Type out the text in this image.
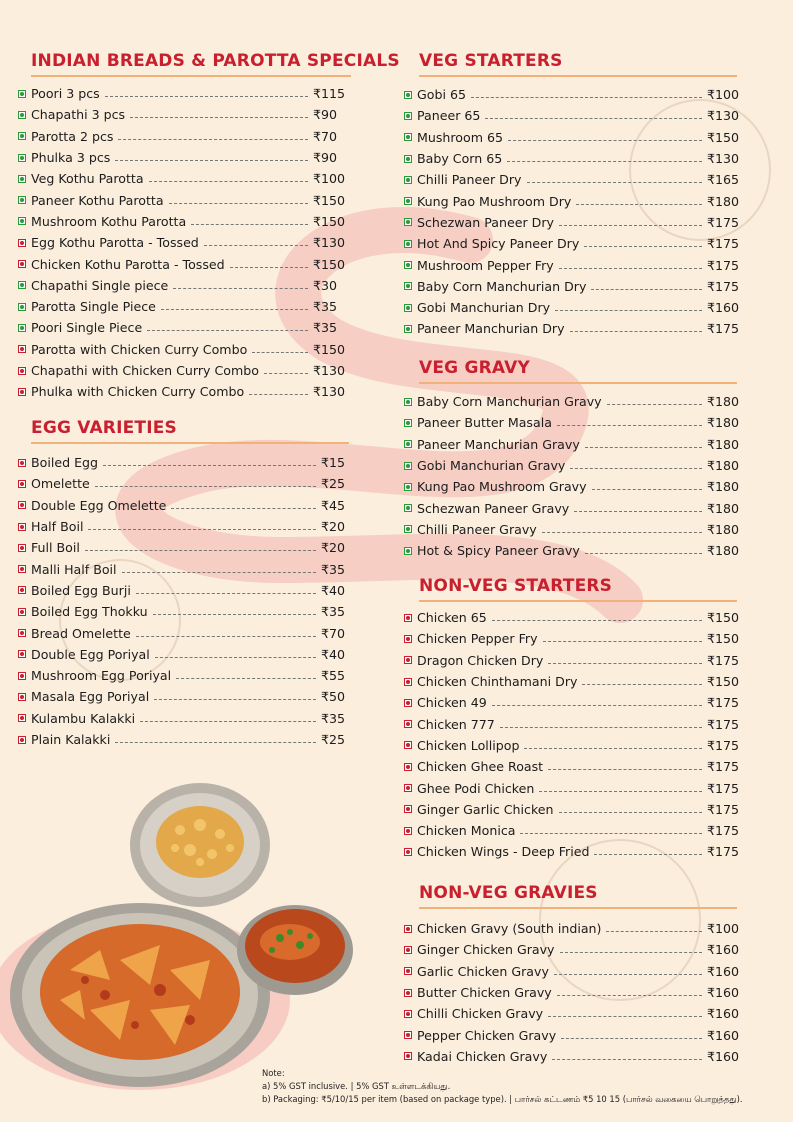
INDIAN BREADS & PAROTTA SPECIALS
Poori 3 pcs	₹115
Chapathi 3 pcs	₹90
Parotta 2 pcs	₹70
Phulka 3 pcs	₹90
Veg Kothu Parotta	₹100
Paneer Kothu Parotta	₹150
Mushroom Kothu Parotta	₹150
Egg Kothu Parotta - Tossed	₹130
Chicken Kothu Parotta - Tossed	₹150
Chapathi Single piece	₹30
Parotta Single Piece	₹35
Poori Single Piece	₹35
Parotta with Chicken Curry Combo	₹150
Chapathi with Chicken Curry Combo	₹130
Phulka with Chicken Curry Combo	₹130
EGG VARIETIES
Boiled Egg	₹15
Omelette	₹25
Double Egg Omelette	₹45
Half Boil	₹20
Full Boil	₹20
Malli Half Boil	₹35
Boiled Egg Burji	₹40
Boiled Egg Thokku	₹35
Bread Omelette	₹70
Double Egg Poriyal	₹40
Mushroom Egg Poriyal	₹55
Masala Egg Poriyal	₹50
Kulambu Kalakki	₹35
Plain Kalakki	₹25
VEG STARTERS
Gobi 65	₹100
Paneer 65	₹130
Mushroom 65	₹150
Baby Corn 65	₹130
Chilli Paneer Dry	₹165
Kung Pao Mushroom Dry	₹180
Schezwan Paneer Dry	₹175
Hot And Spicy Paneer Dry	₹175
Mushroom Pepper Fry	₹175
Baby Corn Manchurian Dry	₹175
Gobi Manchurian Dry	₹160
Paneer Manchurian Dry	₹175
VEG GRAVY
Baby Corn Manchurian Gravy	₹180
Paneer Butter Masala	₹180
Paneer Manchurian Gravy	₹180
Gobi Manchurian Gravy	₹180
Kung Pao Mushroom Gravy	₹180
Schezwan Paneer Gravy	₹180
Chilli Paneer Gravy	₹180
Hot & Spicy Paneer Gravy	₹180
NON-VEG STARTERS
Chicken 65	₹150
Chicken Pepper Fry	₹150
Dragon Chicken Dry	₹175
Chicken Chinthamani Dry	₹150
Chicken 49	₹175
Chicken 777	₹175
Chicken Lollipop	₹175
Chicken Ghee Roast	₹175
Ghee Podi Chicken	₹175
Ginger Garlic Chicken	₹175
Chicken Monica	₹175
Chicken Wings - Deep Fried	₹175
NON-VEG GRAVIES
Chicken Gravy (South indian)	₹100
Ginger Chicken Gravy	₹160
Garlic Chicken Gravy	₹160
Butter Chicken Gravy	₹160
Chilli Chicken Gravy	₹160
Pepper Chicken Gravy	₹160
Kadai Chicken Gravy	₹160
Note:
a) 5% GST inclusive. | 5% GST உள்ளடக்கியது.
b) Packaging: ₹5/10/15 per item (based on package type). | பார்சல் கட்டணம் ₹5 10 15 (பார்சல் வகையை பொறுத்தது).
